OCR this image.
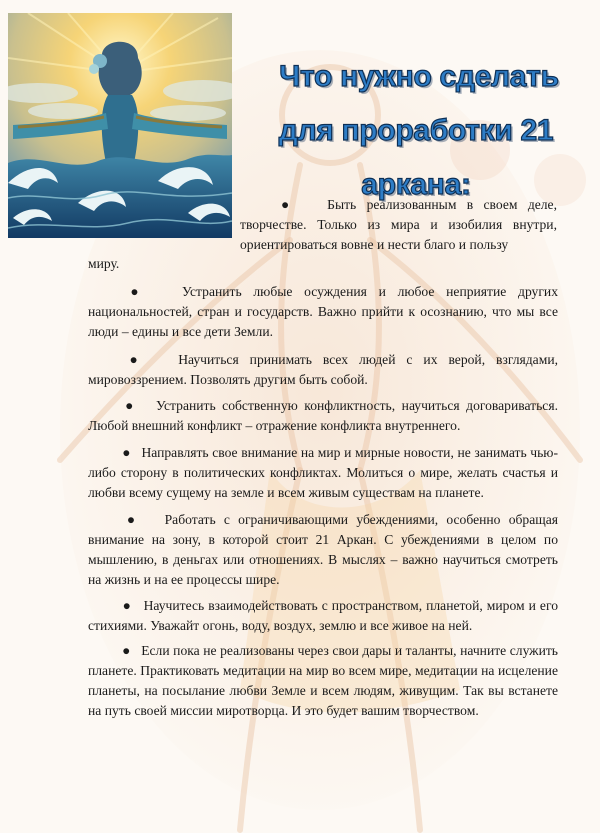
Что нужно сделать
для проработки 21 аркана:

● Быть реализованным в своем деле, творчестве. Только из мира и изобилия внутри, ориентироваться вовне и нести благо и пользу

миру.

●	Устранить любые осуждения и любое неприятие других национальностей, стран и государств. Важно прийти к осознанию, что мы все люди – едины и все дети Земли.

● Научиться принимать всех людей с их верой, взглядами, мировоззрением. Позволять другим быть собой.

● Устранить собственную конфликтность, научиться договариваться. Любой внешний конфликт – отражение конфликта внутреннего.

● Направлять свое внимание на мир и мирные новости, не занимать чью-либо сторону в политических конфликтах. Молиться о мире, желать счастья и любви всему сущему на земле и всем живым существам на планете.

● Работать с ограничивающими убеждениями, особенно обращая внимание на зону, в которой стоит 21 Аркан. С убеждениями в целом по мышлению, в деньгах или отношениях. В мыслях – важно научиться смотреть на жизнь и на ее процессы шире.

● Научитесь взаимодействовать с пространством, планетой, миром и его стихиями. Уважайт огонь, воду, воздух, землю и все живое на ней.

● Если пока не реализованы через свои дары и таланты, начните служить планете. Практиковать медитации на мир во всем мире, медитации на исцеление планеты, на посылание любви Земле и всем людям, живущим. Так вы встанете на путь своей миссии миротворца. И это будет вашим творчеством.
